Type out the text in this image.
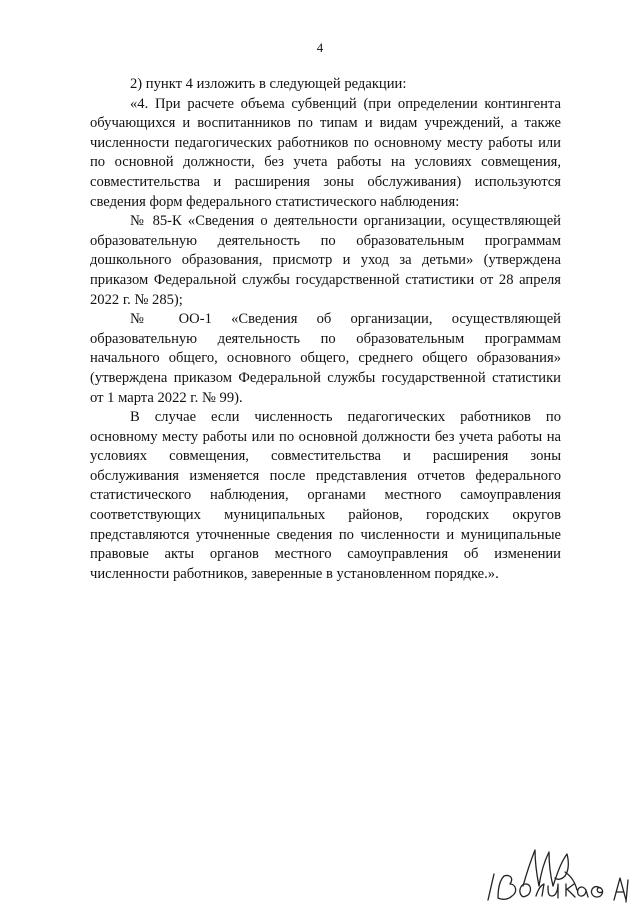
4

2) пункт 4 изложить в следующей редакции:

«4. При расчете объема субвенций (при определении контингента обучающихся и воспитанников по типам и видам учреждений, а также численности педагогических работников по основному месту работы или по основной должности, без учета работы на условиях совмещения, совместительства и расширения зоны обслуживания) используются сведения форм федерального статистического наблюдения:

№ 85-К «Сведения о деятельности организации, осуществляющей образовательную деятельность по образовательным программам дошкольного образования, присмотр и уход за детьми» (утверждена приказом Федеральной службы государственной статистики от 28 апреля 2022 г. № 285);

№ ОО-1 «Сведения об организации, осуществляющей образовательную деятельность по образовательным программам начального общего, основного общего, среднего общего образования» (утверждена приказом Федеральной службы государственной статистики от 1 марта 2022 г. № 99).

В случае если численность педагогических работников по основному месту работы или по основной должности без учета работы на условиях совмещения, совместительства и расширения зоны обслуживания изменяется после представления отчетов федерального статистического наблюдения, органами местного самоуправления соответствующих муниципальных районов, городских округов представляются уточненные сведения по численности и муниципальные правовые акты органов местного самоуправления об изменении численности работников, заверенные в установленном порядке.».
